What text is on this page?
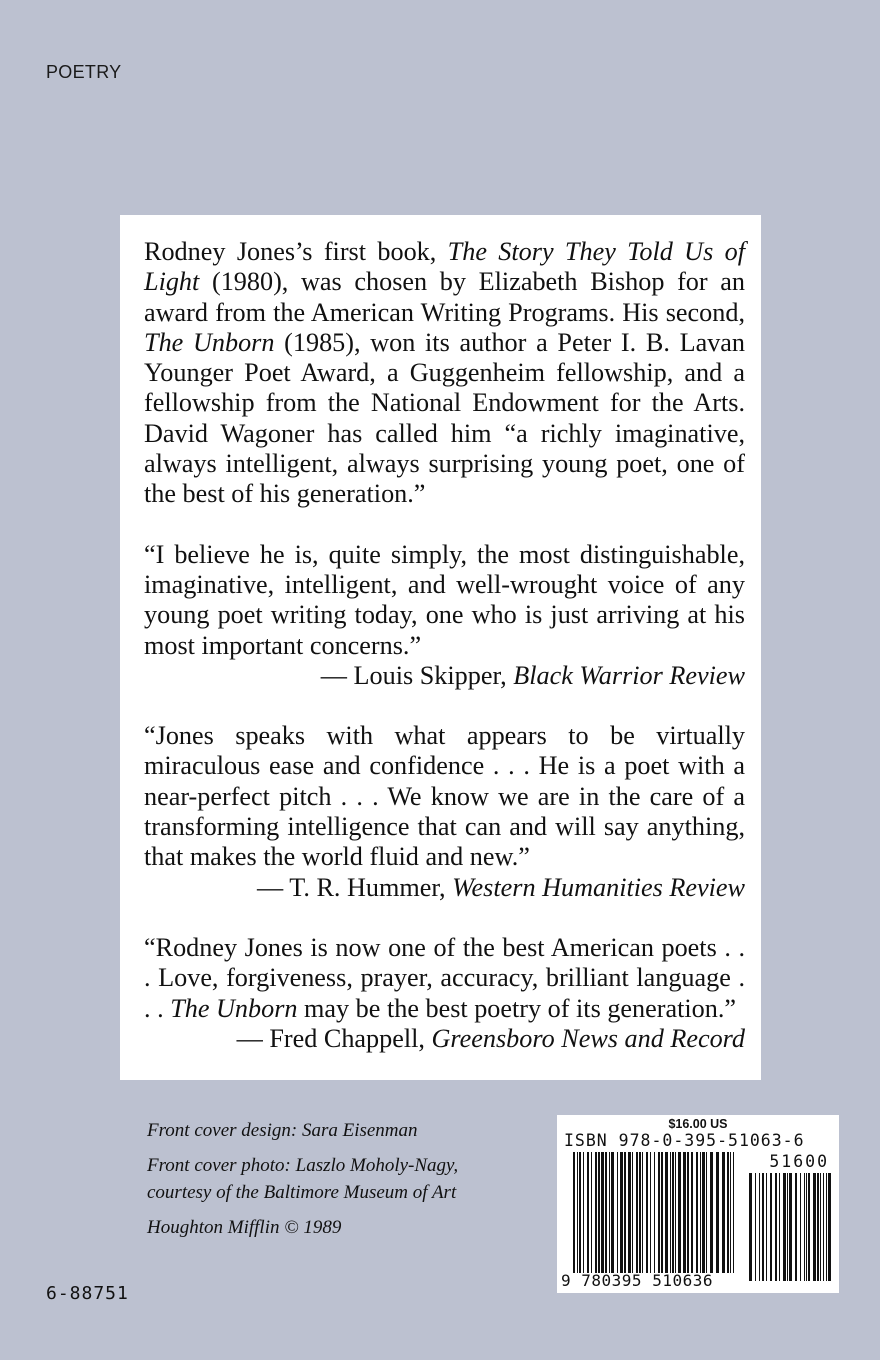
POETRY

Rodney Jones’s first book, The Story They Told Us of Light (1980), was chosen by Elizabeth Bishop for an award from the American Writing Programs. His second, The Unborn (1985), won its author a Peter I. B. Lavan Younger Poet Award, a Guggenheim fellowship, and a fellowship from the National Endowment for the Arts. David Wagoner has called him “a richly imaginative, always intelligent, always surprising young poet, one of the best of his generation.”

“I believe he is, quite simply, the most distinguishable, imaginative, intelligent, and well-wrought voice of any young poet writing today, one who is just arriving at his most important concerns.”

— Louis Skipper, Black Warrior Review

“Jones speaks with what appears to be virtually miraculous ease and confidence . . . He is a poet with a near-perfect pitch . . . We know we are in the care of a transforming intelligence that can and will say anything, that makes the world fluid and new.”

— T. R. Hummer, Western Humanities Review

“Rodney Jones is now one of the best American poets . . . Love, forgiveness, prayer, accuracy, brilliant language . . . The Unborn may be the best poetry of its generation.”

— Fred Chappell, Greensboro News and Record

Front cover design: Sara Eisenman
Front cover photo: Laszlo Moholy-Nagy,
courtesy of the Baltimore Museum of Art
Houghton Mifflin © 1989
6-88751
$16.00 US
ISBN 978-0-395-51063-6
51600
9 780395 510636
